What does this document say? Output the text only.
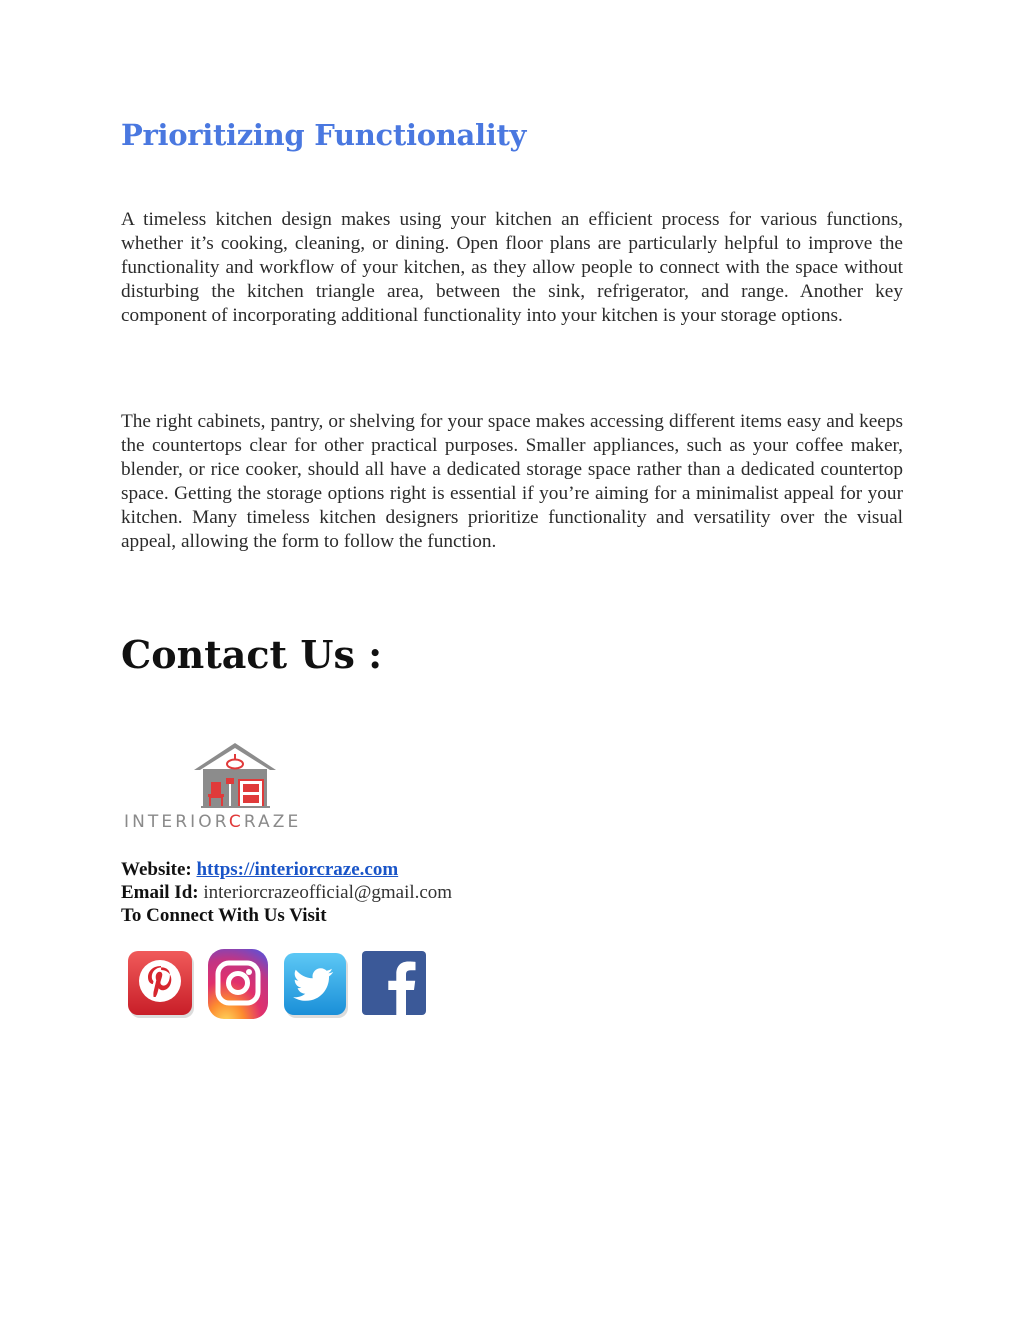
Prioritizing Functionality

A timeless kitchen design makes using your kitchen an efficient process for various functions, whether it’s cooking, cleaning, or dining. Open floor plans are particularly helpful to improve the functionality and workflow of your kitchen, as they allow people to connect with the space without disturbing the kitchen triangle area, between the sink, refrigerator, and range. Another key component of incorporating additional functionality into your kitchen is your storage options.

The right cabinets, pantry, or shelving for your space makes accessing different items easy and keeps the countertops clear for other practical purposes. Smaller appliances, such as your coffee maker, blender, or rice cooker, should all have a dedicated storage space rather than a dedicated countertop space. Getting the storage options right is essential if you’re aiming for a minimalist appeal for your kitchen. Many timeless kitchen designers prioritize functionality and versatility over the visual appeal, allowing the form to follow the function.

Contact Us :
INTERIORCRAZE
Website: https://interiorcraze.com
Email Id: interiorcrazeofficial@gmail.com
To Connect With Us Visit
